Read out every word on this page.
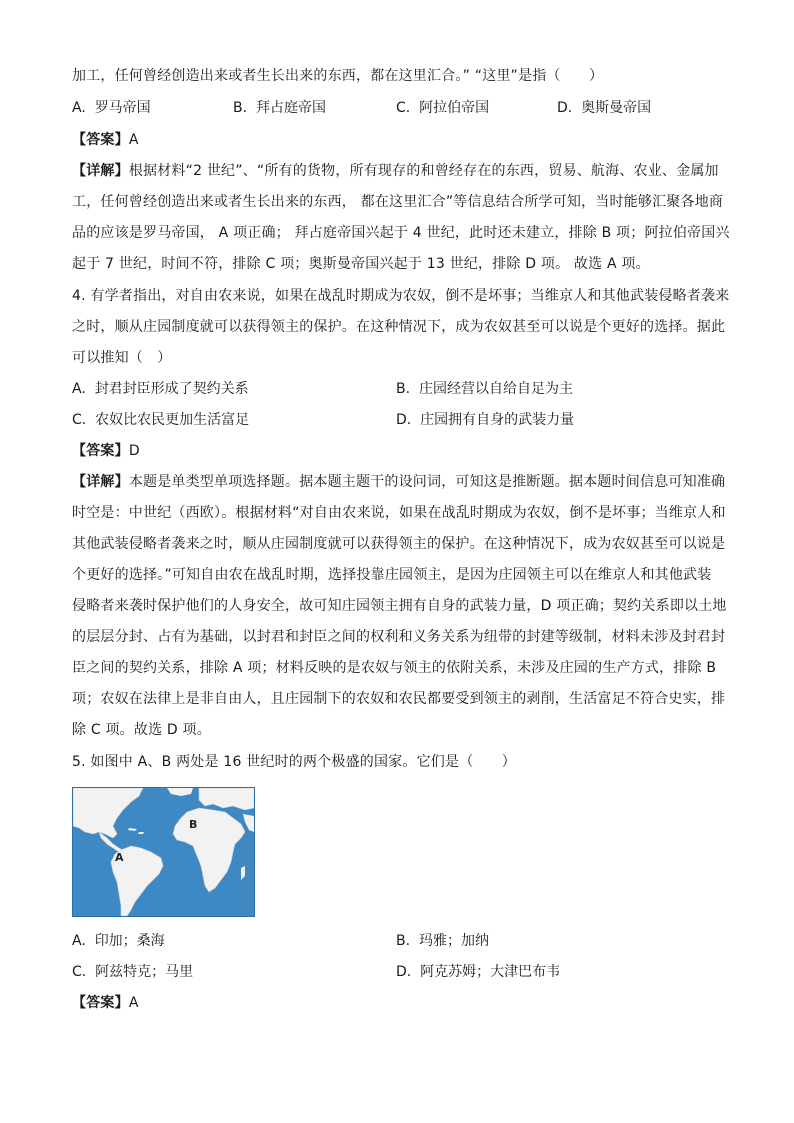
加工，任何曾经创造出来或者生长出来的东西，都在这里汇合。” “这里”是指（　　）
A. 罗马帝国	B. 拜占庭帝国	C. 阿拉伯帝国	D. 奥斯曼帝国
【答案】A
【详解】根据材料“2 世纪”、“所有的货物，所有现存的和曾经存在的东西，贸易、航海、农业、金属加
工，任何曾经创造出来或者生长出来的东西， 都在这里汇合”等信息结合所学可知，当时能够汇聚各地商
品的应该是罗马帝国， A 项正确； 拜占庭帝国兴起于 4 世纪，此时还未建立，排除 B 项；阿拉伯帝国兴
起于 7 世纪，时间不符，排除 C 项；奥斯曼帝国兴起于 13 世纪，排除 D 项。 故选 A 项。
4. 有学者指出，对自由农来说，如果在战乱时期成为农奴，倒不是坏事；当维京人和其他武装侵略者袭来
之时，顺从庄园制度就可以获得领主的保护。在这种情况下，成为农奴甚至可以说是个更好的选择。据此
可以推知（　）
A. 封君封臣形成了契约关系	B. 庄园经营以自给自足为主
C. 农奴比农民更加生活富足	D. 庄园拥有自身的武装力量
【答案】D
【详解】本题是单类型单项选择题。据本题主题干的设问词，可知这是推断题。据本题时间信息可知准确
时空是：中世纪（西欧）。根据材料“对自由农来说，如果在战乱时期成为农奴，倒不是坏事；当维京人和
其他武装侵略者袭来之时，顺从庄园制度就可以获得领主的保护。在这种情况下，成为农奴甚至可以说是
个更好的选择。”可知自由农在战乱时期，选择投靠庄园领主，是因为庄园领主可以在维京人和其他武装
侵略者来袭时保护他们的人身安全，故可知庄园领主拥有自身的武装力量，D 项正确；契约关系即以土地
的层层分封、占有为基础，以封君和封臣之间的权利和义务关系为纽带的封建等级制，材料未涉及封君封
臣之间的契约关系，排除 A 项；材料反映的是农奴与领主的依附关系，未涉及庄园的生产方式，排除 B
项；农奴在法律上是非自由人，且庄园制下的农奴和农民都要受到领主的剥削，生活富足不符合史实，排
除 C 项。故选 D 项。
5. 如图中 A、B 两处是 16 世纪时的两个极盛的国家。它们是（　　）
B
A
A. 印加；桑海	B. 玛雅；加纳
C. 阿兹特克；马里	D. 阿克苏姆；大津巴布韦
【答案】A
